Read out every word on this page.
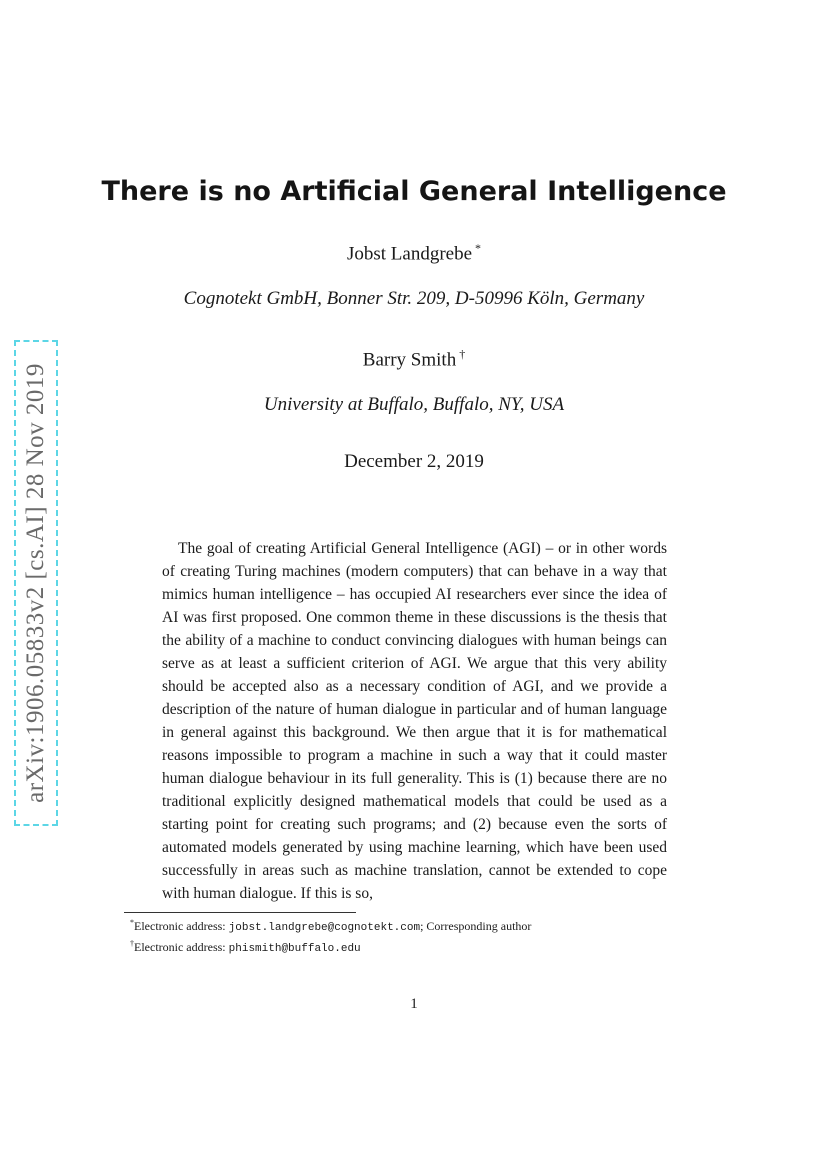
arXiv:1906.05833v2 [cs.AI] 28 Nov 2019
There is no Artificial General Intelligence
Jobst Landgrebe *
Cognotekt GmbH, Bonner Str. 209, D-50996 Köln, Germany
Barry Smith †
University at Buffalo, Buffalo, NY, USA
December 2, 2019
The goal of creating Artificial General Intelligence (AGI) – or in other words of creating Turing machines (modern computers) that can behave in a way that mimics human intelligence – has occupied AI researchers ever since the idea of AI was first proposed. One common theme in these discussions is the thesis that the ability of a machine to conduct convincing dialogues with human beings can serve as at least a sufficient criterion of AGI. We argue that this very ability should be accepted also as a necessary condition of AGI, and we provide a description of the nature of human dialogue in particular and of human language in general against this background. We then argue that it is for mathematical reasons impossible to program a machine in such a way that it could master human dialogue behaviour in its full generality. This is (1) because there are no traditional explicitly designed mathematical models that could be used as a starting point for creating such programs; and (2) because even the sorts of automated models generated by using machine learning, which have been used successfully in areas such as machine translation, cannot be extended to cope with human dialogue. If this is so,
*Electronic address: jobst.landgrebe@cognotekt.com; Corresponding author
†Electronic address: phismith@buffalo.edu
1
